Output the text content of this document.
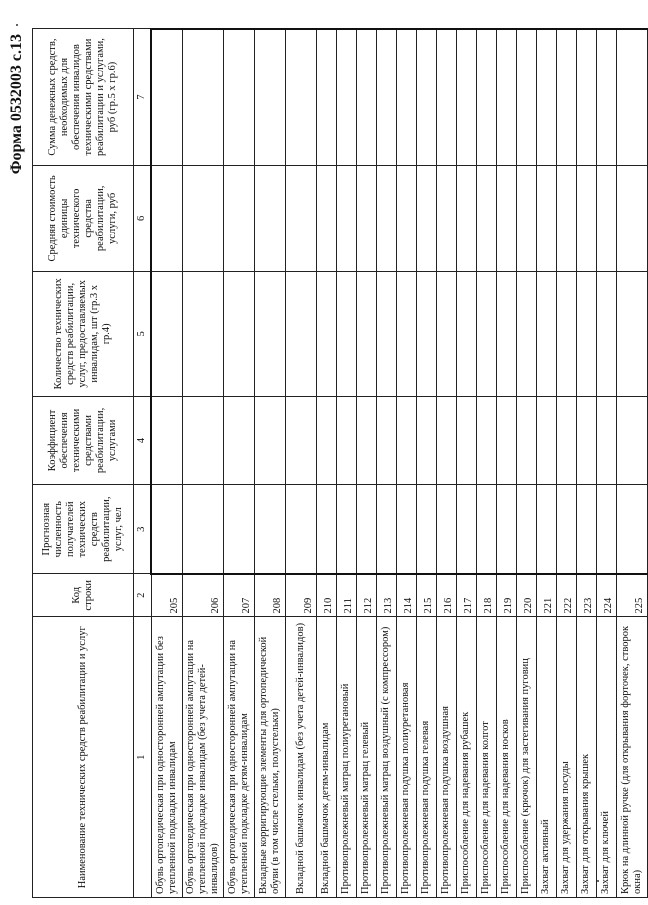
Форма 0532003 с.13
Наименование технических средств реабилитации и услуг	Код строки	Прогнозная численность получателей технических средств реабилитации, услуг, чел	Коэффициент обеспечения техническими средствами реабилитации, услугами	Количество технических средств реабилитации, услуг, предоставляемых инвалидам, шт (гр.3 x гр.4)	Средняя стоимость единицы технического средства реабилитации, услуги, руб	Сумма денежных средств, необходимых для обеспечения инвалидов техническими средствами реабилитации и услугами, руб (гр.5 x гр.6)
1	2	3	4	5	6	7
Обувь ортопедическая при односторонней ампутации без утепленной подкладки инвалидам	205					
Обувь ортопедическая при односторонней ампутации на утепленной подкладке инвалидам (без учета детей-инвалидов)	206					
Обувь ортопедическая при односторонней ампутации на утепленной подкладке детям-инвалидам	207					
Вкладные корригирующие элементы для ортопедической обуви (в том числе стельки, полустельки)	208					
Вкладной башмачок инвалидам (без учета детей-инвалидов)	209					
Вкладной башмачок детям-инвалидам	210					
Противопролежневый матрац полиуретановый	211					
Противопролежневый матрац гелевый	212					
Противопролежневый матрац воздушный (с компрессором)	213					
Противопролежневая подушка полиуретановая	214					
Противопролежневая подушка гелевая	215					
Противопролежневая подушка воздушная	216					
Приспособление для надевания рубашек	217					
Приспособление для надевания колгот	218					
Приспособление для надевания носков	219					
Приспособление (крючок) для застегивания пуговиц	220					
Захват активный	221					
Захват для удержания посуды	222					
Захват для открывания крышек	223					
Захват для ключей	224					
Крюк на длинной ручке (для открывания форточек, створок окна)	225					
